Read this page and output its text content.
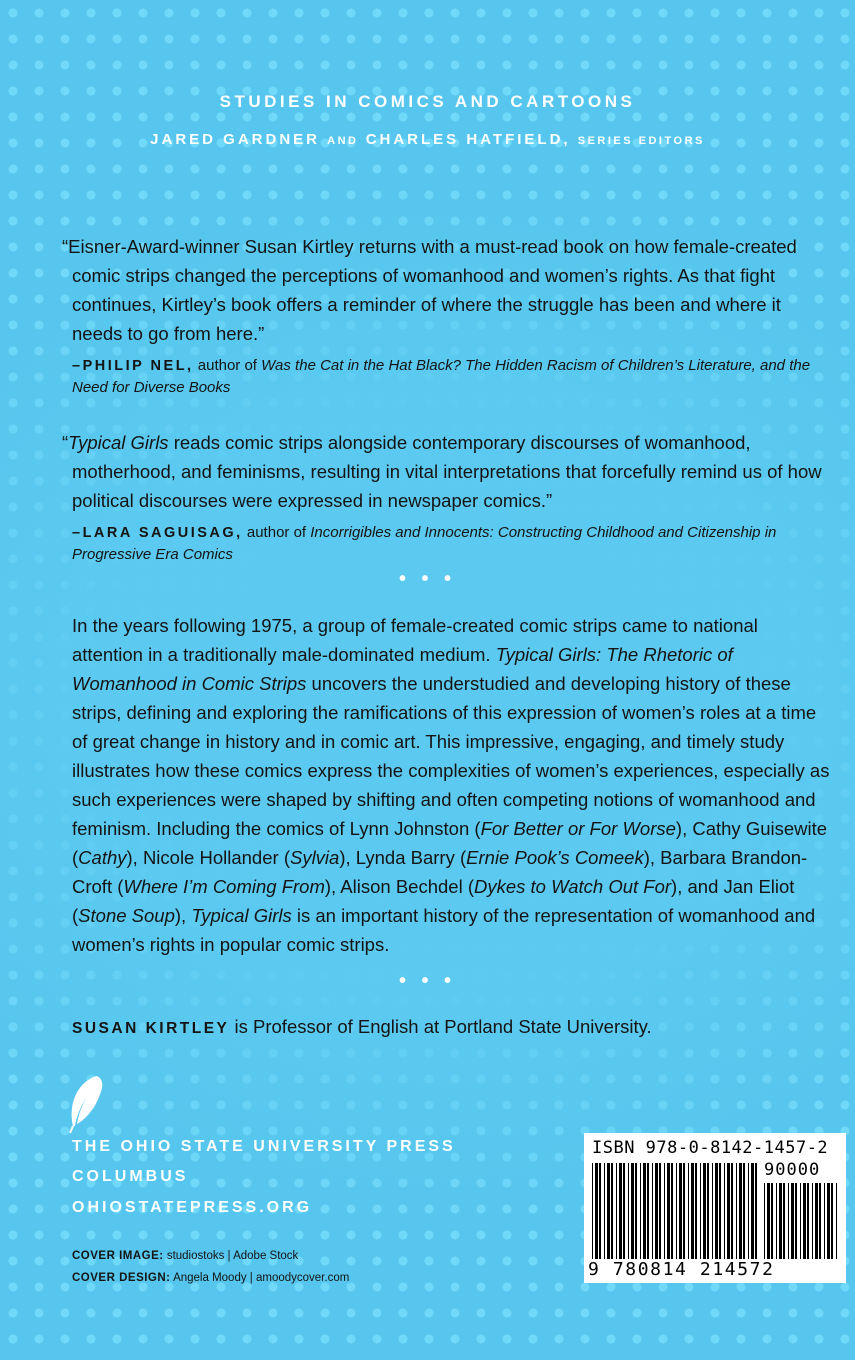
STUDIES IN COMICS AND CARTOONS
JARED GARDNER AND CHARLES HATFIELD, SERIES EDITORS
“Eisner-Award-winner Susan Kirtley returns with a must-read book on how female-created comic strips changed the perceptions of womanhood and women’s rights. As that fight continues, Kirtley’s book offers a reminder of where the struggle has been and where it needs to go from here.”
–PHILIP NEL, author of Was the Cat in the Hat Black? The Hidden Racism of Children’s Literature, and the Need for Diverse Books
“Typical Girls reads comic strips alongside contemporary discourses of womanhood, motherhood, and feminisms, resulting in vital interpretations that forcefully remind us of how political discourses were expressed in newspaper comics.”
–LARA SAGUISAG, author of Incorrigibles and Innocents: Constructing Childhood and Citizenship in Progressive Era Comics
• • •
In the years following 1975, a group of female-created comic strips came to national attention in a traditionally male-dominated medium. Typical Girls: The Rhetoric of Womanhood in Comic Strips uncovers the understudied and developing history of these strips, defining and exploring the ramifications of this expression of women’s roles at a time of great change in history and in comic art. This impressive, engaging, and timely study illustrates how these comics express the complexities of women’s experiences, especially as such experiences were shaped by shifting and often competing notions of womanhood and feminism. Including the comics of Lynn Johnston (For Better or For Worse), Cathy Guisewite (Cathy), Nicole Hollander (Sylvia), Lynda Barry (Ernie Pook’s Comeek), Barbara Brandon-Croft (Where I’m Coming From), Alison Bechdel (Dykes to Watch Out For), and Jan Eliot (Stone Soup), Typical Girls is an important history of the representation of womanhood and women’s rights in popular comic strips.
• • •
SUSAN KIRTLEY is Professor of English at Portland State University.
THE OHIO STATE UNIVERSITY PRESS
COLUMBUS
OHIOSTATEPRESS.ORG
COVER IMAGE: studiostoks | Adobe Stock
COVER DESIGN: Angela Moody | amoodycover.com
ISBN 978-0-8142-1457-2
90000
9 780814 214572
